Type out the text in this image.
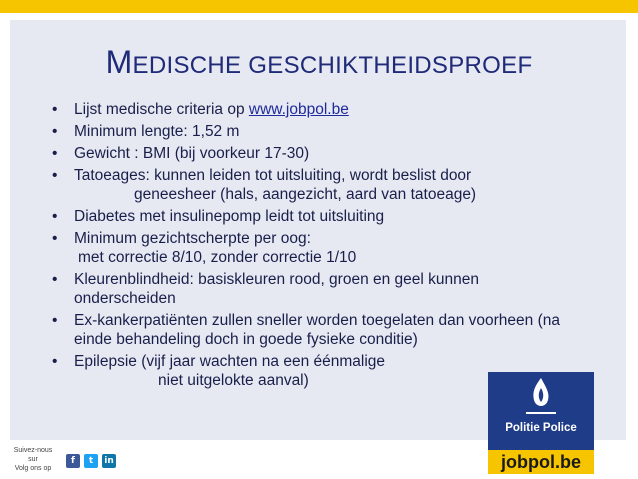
MEDISCHE GESCHIKTHEIDSPROEF
• Lijst medische criteria op www.jobpol.be
• Minimum lengte: 1,52 m
• Gewicht : BMI (bij voorkeur 17-30)
• Tatoeages: kunnen leiden tot uitsluiting, wordt beslist door
geneesheer (hals, aangezicht, aard van tatoeage)
• Diabetes met insulinepomp leidt tot uitsluiting
• Minimum gezichtscherpte per oog:
met correctie 8/10, zonder correctie 1/10
• Kleurenblindheid: basiskleuren rood, groen en geel kunnen
onderscheiden
• Ex-kankerpatiënten zullen sneller worden toegelaten dan voorheen (na
einde behandeling doch in goede fysieke conditie)
• Epilepsie (vijf jaar wachten na een éénmalige
niet uitgelokte aanval)
Suivez-nous sur
Volg ons op
f	t	in
Politie Police
jobpol.be
